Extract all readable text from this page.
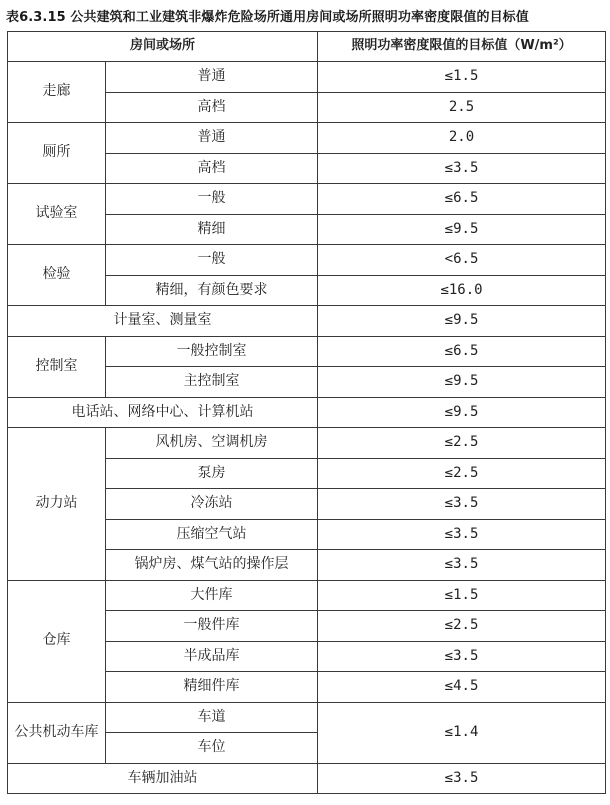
表6.3.15 公共建筑和工业建筑非爆炸危险场所通用房间或场所照明功率密度限值的目标值
房间或场所		照明功率密度限值的目标值（W/m²）
走廊	普通	≤1.5
	高档	2.5
厕所	普通	2.0
	高档	≤3.5
试验室	一般	≤6.5
	精细	≤9.5
检验	一般	<6.5
	精细，有颜色要求	≤16.0
计量室、测量室		≤9.5
控制室	一般控制室	≤6.5
	主控制室	≤9.5
电话站、网络中心、计算机站		≤9.5
动力站	风机房、空调机房	≤2.5
	泵房	≤2.5
	冷冻站	≤3.5
	压缩空气站	≤3.5
	锅炉房、煤气站的操作层	≤3.5
仓库	大件库	≤1.5
	一般件库	≤2.5
	半成品库	≤3.5
	精细件库	≤4.5
公共机动车库	车道	≤1.4
	车位	
车辆加油站		≤3.5
